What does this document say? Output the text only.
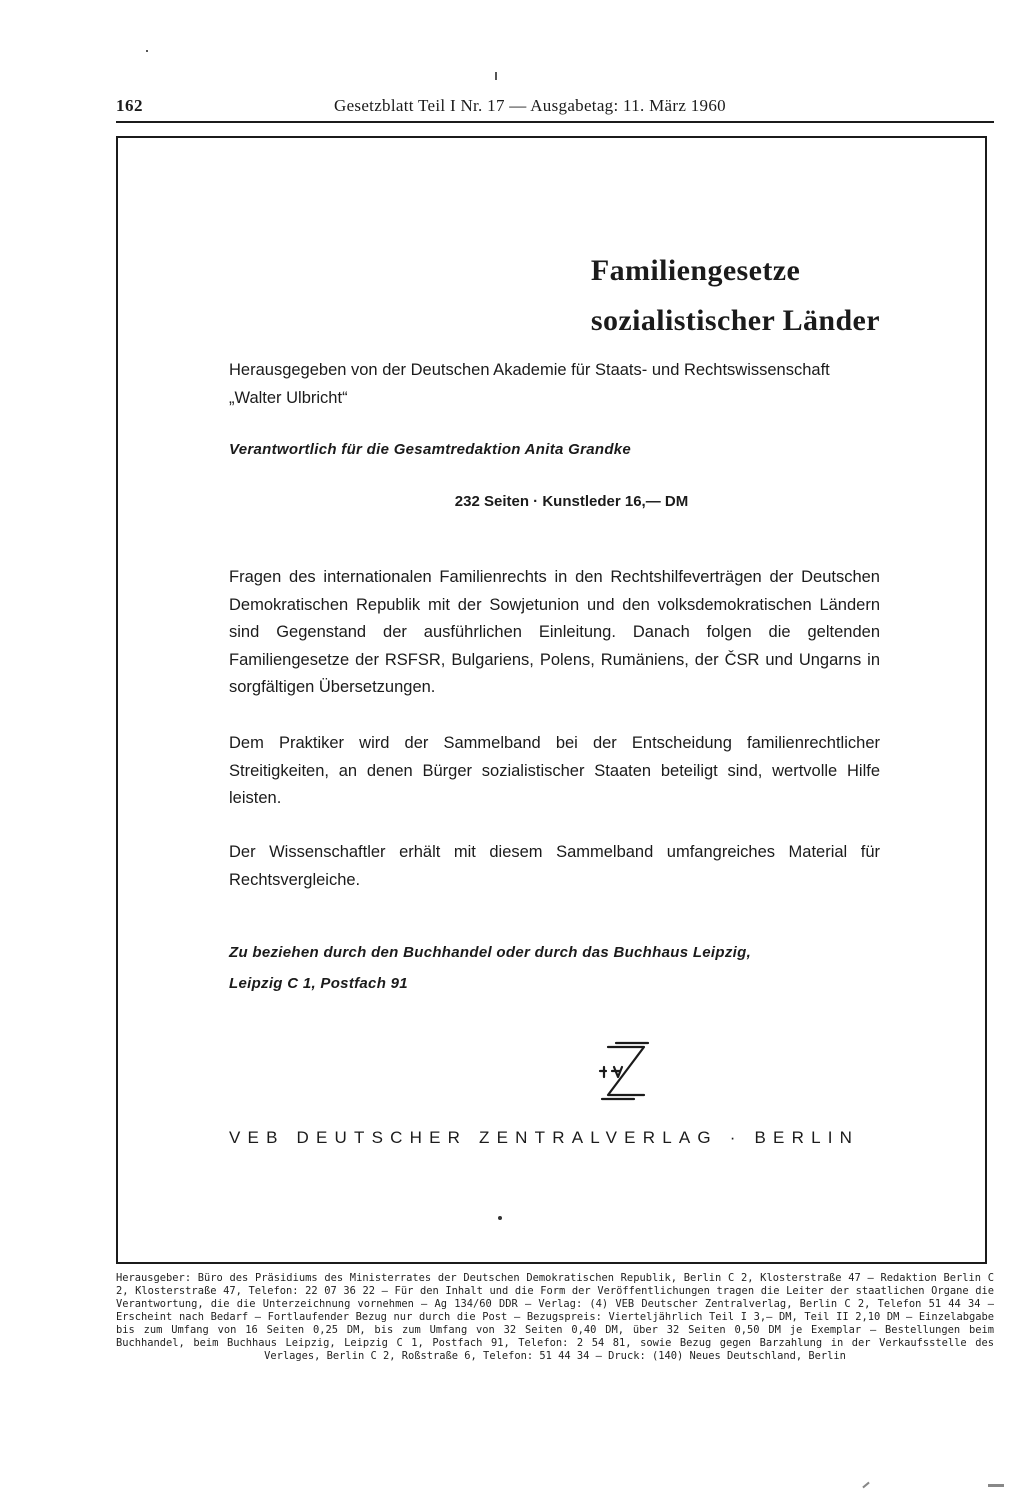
162	Gesetzblatt Teil I Nr. 17 — Ausgabetag: 11. März 1960
Familiengesetze
sozialistischer Länder
Herausgegeben von der Deutschen Akademie für Staats- und Rechtswissenschaft
„Walter Ulbricht“
Verantwortlich für die Gesamtredaktion Anita Grandke
232 Seiten · Kunstleder 16,— DM

Fragen des internationalen Familienrechts in den Rechtshilfeverträgen der Deutschen Demokratischen Republik mit der Sowjetunion und den volksdemokratischen Ländern sind Gegenstand der ausführlichen Einleitung. Danach folgen die geltenden Familiengesetze der RSFSR, Bulgariens, Polens, Rumäniens, der ČSR und Ungarns in sorgfältigen Übersetzungen.

Dem Praktiker wird der Sammelband bei der Entscheidung familienrechtlicher Streitigkeiten, an denen Bürger sozialistischer Staaten beteiligt sind, wertvolle Hilfe leisten.

Der Wissenschaftler erhält mit diesem Sammelband umfangreiches Material für Rechtsvergleiche.

Zu beziehen durch den Buchhandel oder durch das Buchhaus Leipzig,
Leipzig C 1, Postfach 91
VEB DEUTSCHER ZENTRALVERLAG · BERLIN

Herausgeber: Büro des Präsidiums des Ministerrates der Deutschen Demokratischen Republik, Berlin C 2, Klosterstraße 47 — Redaktion Berlin C 2, Klosterstraße 47, Telefon: 22 07 36 22 — Für den Inhalt und die Form der Veröffentlichungen tragen die Leiter der staatlichen Organe die Verantwortung, die die Unterzeichnung vornehmen — Ag 134/60 DDR — Verlag: (4) VEB Deutscher Zentralverlag, Berlin C 2, Telefon 51 44 34 — Erscheint nach Bedarf — Fortlaufender Bezug nur durch die Post — Bezugspreis: Vierteljährlich Teil I 3,— DM, Teil II 2,10 DM — Einzelabgabe bis zum Umfang von 16 Seiten 0,25 DM, bis zum Umfang von 32 Seiten 0,40 DM, über 32 Seiten 0,50 DM je Exemplar — Bestellungen beim Buchhandel, beim Buchhaus Leipzig, Leipzig C 1, Postfach 91, Telefon: 2 54 81, sowie Bezug gegen Barzahlung in der Verkaufsstelle des Verlages, Berlin C 2, Roßstraße 6, Telefon: 51 44 34 — Druck: (140) Neues Deutschland, Berlin
